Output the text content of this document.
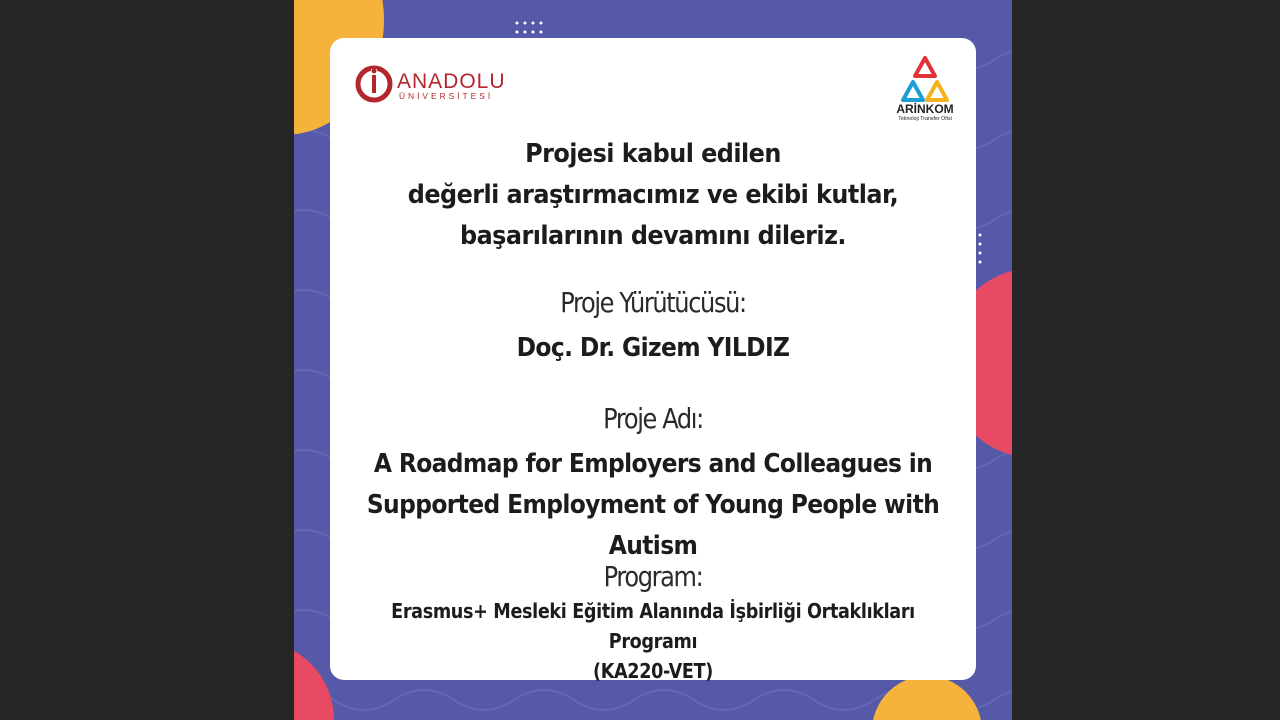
ANADOLU
ÜNİVERSİTESİ
ARİNKOM
Teknoloji Transfer Ofisi

Projesi kabul edilen

değerli araştırmacımız ve ekibi kutlar,

başarılarının devamını dileriz.

Proje Yürütücüsü:

Doç. Dr. Gizem YILDIZ

Proje Adı:

A Roadmap for Employers and Colleagues in

Supported Employment of Young People with Autism

Program:

Erasmus+ Mesleki Eğitim Alanında İşbirliği Ortaklıkları Programı

(KA220-VET)
